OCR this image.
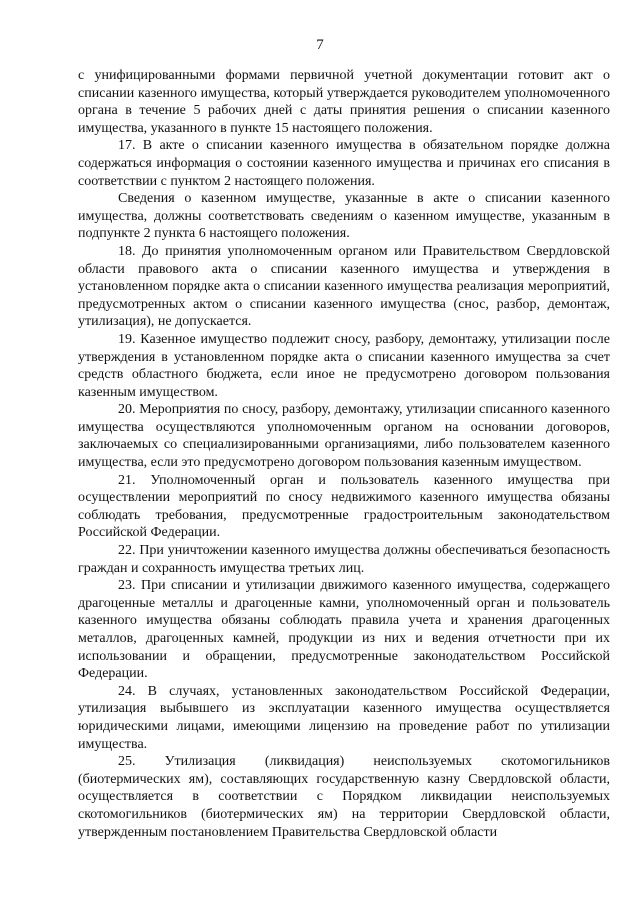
7

с унифицированными формами первичной учетной документации готовит акт о списании казенного имущества, который утверждается руководителем уполномоченного органа в течение 5 рабочих дней с даты принятия решения о списании казенного имущества, указанного в пункте 15 настоящего положения.

17. В акте о списании казенного имущества в обязательном порядке должна содержаться информация о состоянии казенного имущества и причинах его списания в соответствии с пунктом 2 настоящего положения.

Сведения о казенном имуществе, указанные в акте о списании казенного имущества, должны соответствовать сведениям о казенном имуществе, указанным в подпункте 2 пункта 6 настоящего положения.

18. До принятия уполномоченным органом или Правительством Свердловской области правового акта о списании казенного имущества и утверждения в установленном порядке акта о списании казенного имущества реализация мероприятий, предусмотренных актом о списании казенного имущества (снос, разбор, демонтаж, утилизация), не допускается.

19. Казенное имущество подлежит сносу, разбору, демонтажу, утилизации после утверждения в установленном порядке акта о списании казенного имущества за счет средств областного бюджета, если иное не предусмотрено договором пользования казенным имуществом.

20. Мероприятия по сносу, разбору, демонтажу, утилизации списанного казенного имущества осуществляются уполномоченным органом на основании договоров, заключаемых со специализированными организациями, либо пользователем казенного имущества, если это предусмотрено договором пользования казенным имуществом.

21. Уполномоченный орган и пользователь казенного имущества при осуществлении мероприятий по сносу недвижимого казенного имущества обязаны соблюдать требования, предусмотренные градостроительным законодательством Российской Федерации.

22. При уничтожении казенного имущества должны обеспечиваться безопасность граждан и сохранность имущества третьих лиц.

23. При списании и утилизации движимого казенного имущества, содержащего драгоценные металлы и драгоценные камни, уполномоченный орган и пользователь казенного имущества обязаны соблюдать правила учета и хранения драгоценных металлов, драгоценных камней, продукции из них и ведения отчетности при их использовании и обращении, предусмотренные законодательством Российской Федерации.

24. В случаях, установленных законодательством Российской Федерации, утилизация выбывшего из эксплуатации казенного имущества осуществляется юридическими лицами, имеющими лицензию на проведение работ по утилизации имущества.

25. Утилизация (ликвидация) неиспользуемых скотомогильников (биотермических ям), составляющих государственную казну Свердловской области, осуществляется в соответствии с Порядком ликвидации неиспользуемых скотомогильников (биотермических ям) на территории Свердловской области, утвержденным постановлением Правительства Свердловской области
